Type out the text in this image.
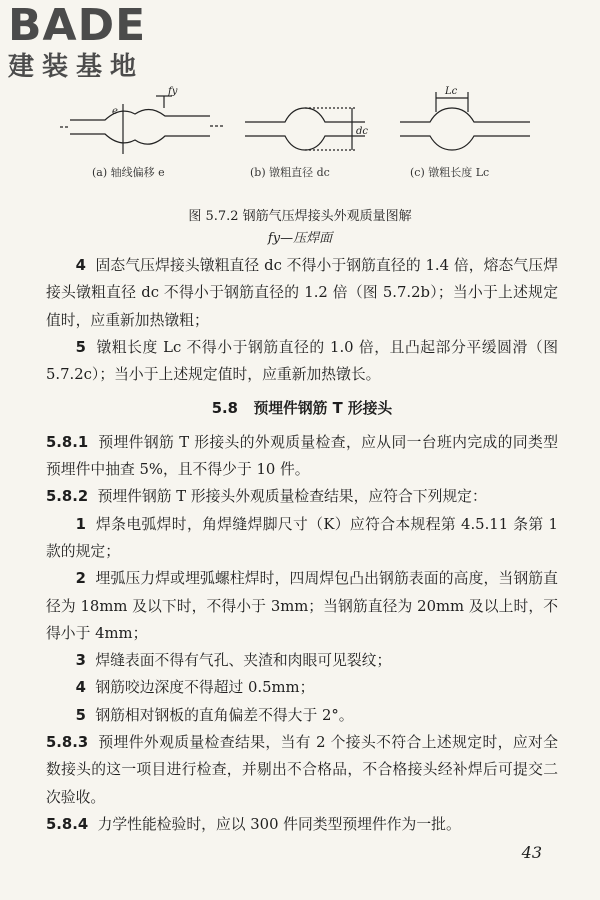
BADE
建装基地
e
fy
dc
Lc
(a) 轴线偏移 e	(b) 镦粗直径 dc	(c) 镦粗长度 Lc
图 5.7.2 钢筋气压焊接头外观质量图解
fy—压焊面

4 固态气压焊接头镦粗直径 dc 不得小于钢筋直径的 1.4 倍，熔态气压焊接头镦粗直径 dc 不得小于钢筋直径的 1.2 倍（图 5.7.2b）；当小于上述规定值时，应重新加热镦粗；

5 镦粗长度 Lc 不得小于钢筋直径的 1.0 倍，且凸起部分平缓圆滑（图 5.7.2c）；当小于上述规定值时，应重新加热镦长。

5.8 预埋件钢筋 T 形接头

5.8.1 预埋件钢筋 T 形接头的外观质量检查，应从同一台班内完成的同类型预埋件中抽查 5%，且不得少于 10 件。

5.8.2 预埋件钢筋 T 形接头外观质量检查结果，应符合下列规定：

1 焊条电弧焊时，角焊缝焊脚尺寸（K）应符合本规程第 4.5.11 条第 1 款的规定；

2 埋弧压力焊或埋弧螺柱焊时，四周焊包凸出钢筋表面的高度，当钢筋直径为 18mm 及以下时，不得小于 3mm；当钢筋直径为 20mm 及以上时，不得小于 4mm；

3 焊缝表面不得有气孔、夹渣和肉眼可见裂纹；

4 钢筋咬边深度不得超过 0.5mm；

5 钢筋相对钢板的直角偏差不得大于 2°。

5.8.3 预埋件外观质量检查结果，当有 2 个接头不符合上述规定时，应对全数接头的这一项目进行检查，并剔出不合格品，不合格接头经补焊后可提交二次验收。

5.8.4 力学性能检验时，应以 300 件同类型预埋件作为一批。

43
